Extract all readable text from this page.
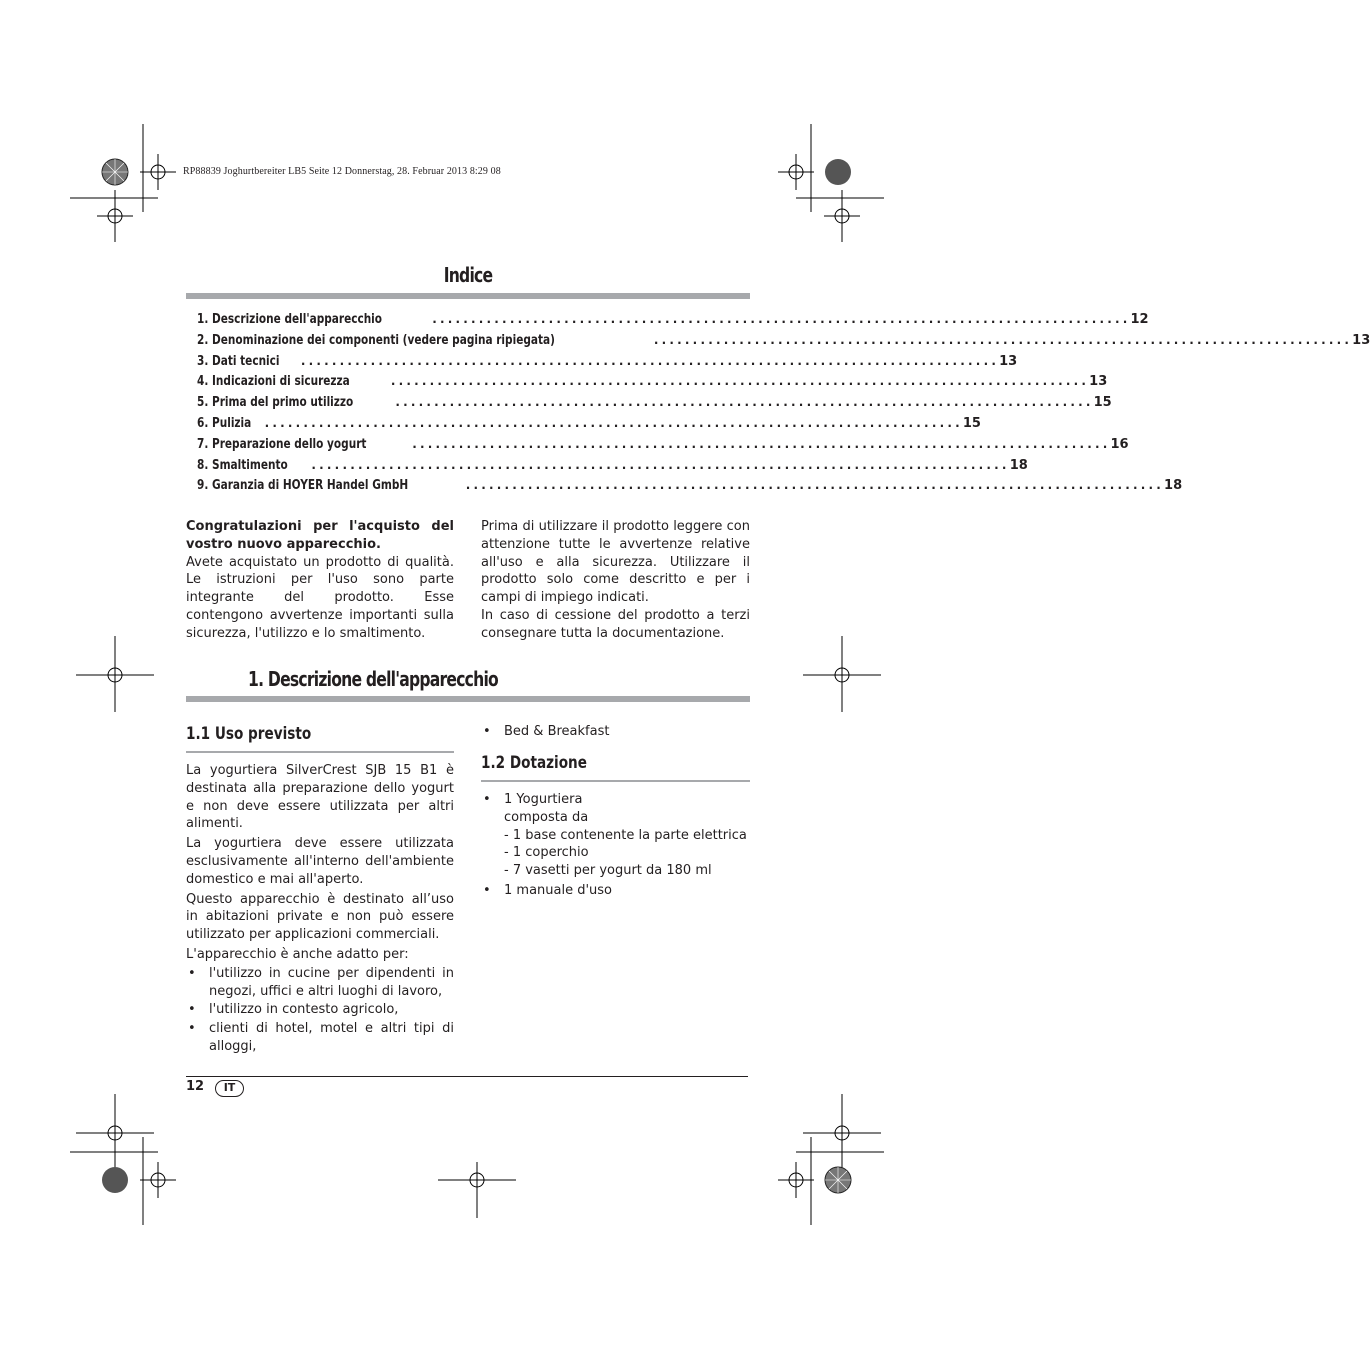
RP88839 Joghurtbereiter LB5 Seite 12 Donnerstag, 28. Februar 2013 8:29 08
Indice
1. Descrizione dell'apparecchio	.......................................................................................... 12
2. Denominazione dei componenti (vedere pagina ripiegata)	.......................................................................................... 13
3. Dati tecnici .......................................................................................... 13
4. Indicazioni di sicurezza	.......................................................................................... 13
5. Prima del primo utilizzo	.......................................................................................... 15
6. Pulizia .......................................................................................... 15
7. Preparazione dello yogurt	.......................................................................................... 16
8. Smaltimento .......................................................................................... 18
9. Garanzia di HOYER Handel GmbH	.......................................................................................... 18
Congratulazioni per l'acquisto del vostro nuovo apparecchio.
Avete acquistato un prodotto di qualità. Le istruzioni per l'uso sono parte integrante del prodotto. Esse contengono avvertenze importanti sulla sicurezza, l'utilizzo e lo smaltimento.
Prima di utilizzare il prodotto leggere con attenzione tutte le avvertenze relative all'uso e alla sicurezza. Utilizzare il prodotto solo come descritto e per i campi di impiego indicati.
In caso di cessione del prodotto a terzi consegnare tutta la documentazione.
1. Descrizione dell'apparecchio
1.1 Uso previsto
La yogurtiera SilverCrest SJB 15 B1 è destinata alla preparazione dello yogurt e non deve essere utilizzata per altri alimenti.
La yogurtiera deve essere utilizzata esclusivamente all'interno dell'ambiente domestico e mai all'aperto.
Questo apparecchio è destinato all’uso in abitazioni private e non può essere utilizzato per applicazioni commerciali.
L'apparecchio è anche adatto per:
• l'utilizzo in cucine per dipendenti in negozi, uffici e altri luoghi di lavoro,
• l'utilizzo in contesto agricolo,
• clienti di hotel, motel e altri tipi di alloggi,
• Bed & Breakfast
1.2 Dotazione
• 1 Yogurtiera
composta da
- 1 base contenente la parte elettrica
- 1 coperchio
- 7 vasetti per yogurt da 180 ml
• 1 manuale d'uso
12	IT
